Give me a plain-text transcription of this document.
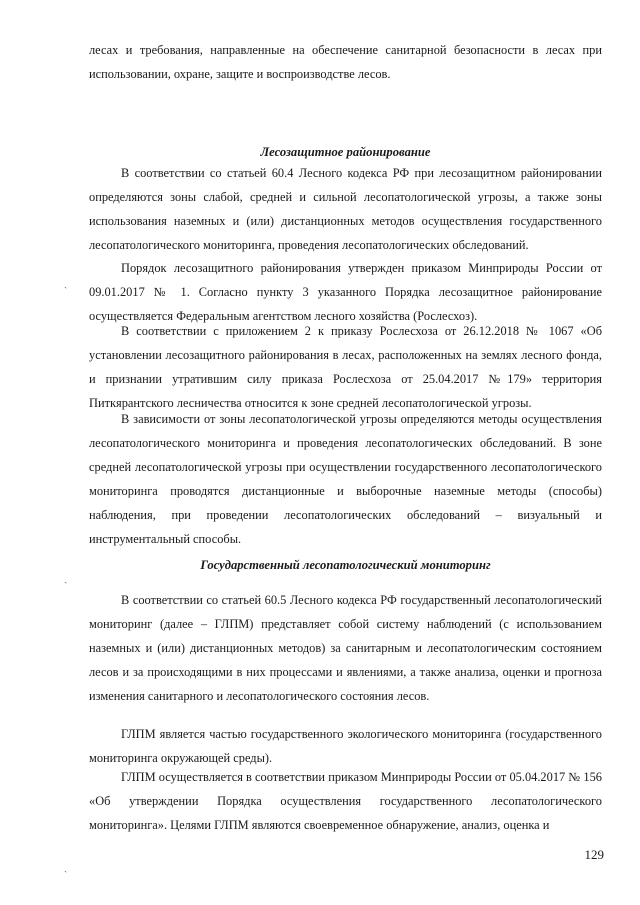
лесах и требования, направленные на обеспечение санитарной безопасности в лесах при использовании, охране, защите и воспроизводстве лесов.

Лесозащитное районирование

В соответствии со статьей 60.4 Лесного кодекса РФ при лесозащитном районировании определяются зоны слабой, средней и сильной лесопатологической угрозы, а также зоны использования наземных и (или) дистанционных методов осуществления государственного лесопатологического мониторинга, проведения лесопатологических обследований.

Порядок лесозащитного районирования утвержден приказом Минприроды России от 09.01.2017 № 1. Согласно пункту 3 указанного Порядка лесозащитное районирование осуществляется Федеральным агентством лесного хозяйства (Рослесхоз).

В соответствии с приложением 2 к приказу Рослесхоза от 26.12.2018 № 1067 «Об установлении лесозащитного районирования в лесах, расположенных на землях лесного фонда, и признании утратившим силу приказа Рослесхоза от 25.04.2017 №179» территория Питкярантского лесничества относится к зоне средней лесопатологической угрозы.

В зависимости от зоны лесопатологической угрозы определяются методы осуществления лесопатологического мониторинга и проведения лесопатологических обследований. В зоне средней лесопатологической угрозы при осуществлении государственного лесопатологического мониторинга проводятся дистанционные и выборочные наземные методы (способы) наблюдения, при проведении лесопатологических обследований – визуальный и инструментальный способы.

Государственный лесопатологический мониторинг

В соответствии со статьей 60.5 Лесного кодекса РФ государственный лесопатологический мониторинг (далее – ГЛПМ) представляет собой систему наблюдений (с использованием наземных и (или) дистанционных методов) за санитарным и лесопатологическим состоянием лесов и за происходящими в них процессами и явлениями, а также анализа, оценки и прогноза изменения санитарного и лесопатологического состояния лесов.

ГЛПМ является частью государственного экологического мониторинга (государственного мониторинга окружающей среды).

ГЛПМ осуществляется в соответствии приказом Минприроды России от 05.04.2017 № 156 «Об утверждении Порядка осуществления государственного лесопатологического мониторинга». Целями ГЛПМ являются своевременное обнаружение, анализ, оценка и

129
ˏ
ˏ
ˏ
